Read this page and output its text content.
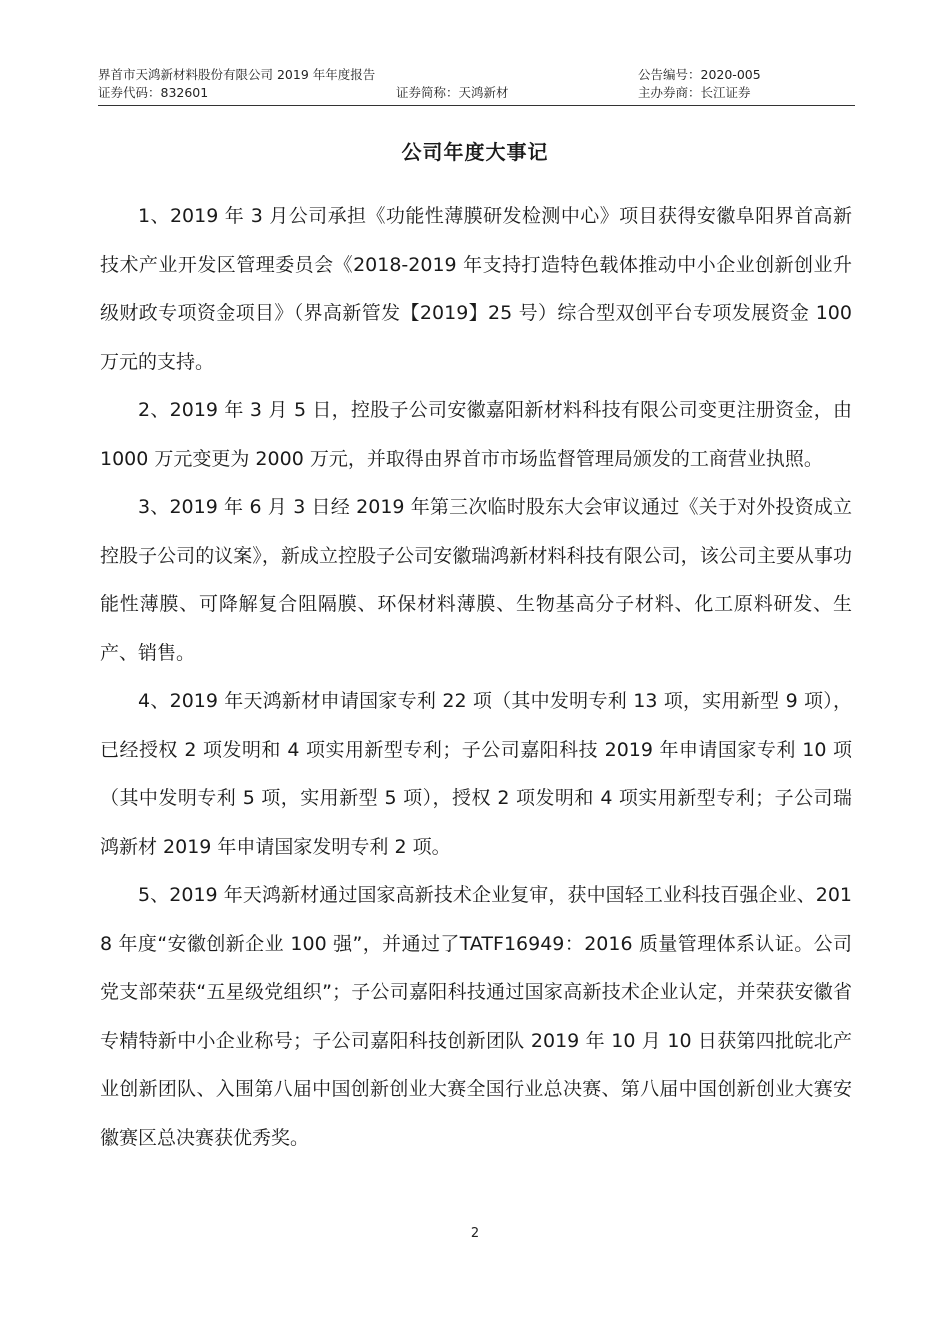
界首市天鸿新材料股份有限公司 2019 年年度报告	公告编号：2020-005
证券代码：832601	证券简称：天鸿新材	主办券商：长江证券
公司年度大事记

1、2019 年 3 月公司承担《功能性薄膜研发检测中心》项目获得安徽阜阳界首高新技术产业开发区管理委员会《2018-2019 年支持打造特色载体推动中小企业创新创业升级财政专项资金项目》（界高新管发【2019】25 号）综合型双创平台专项发展资金 100 万元的支持。

2、2019 年 3 月 5 日，控股子公司安徽嘉阳新材料科技有限公司变更注册资金，由 1000 万元变更为 2000 万元，并取得由界首市市场监督管理局颁发的工商营业执照。

3、2019 年 6 月 3 日经 2019 年第三次临时股东大会审议通过《关于对外投资成立控股子公司的议案》，新成立控股子公司安徽瑞鸿新材料科技有限公司，该公司主要从事功能性薄膜、可降解复合阻隔膜、环保材料薄膜、生物基高分子材料、化工原料研发、生产、销售。

4、2019 年天鸿新材申请国家专利 22 项（其中发明专利 13 项，实用新型 9 项），已经授权 2 项发明和 4 项实用新型专利；子公司嘉阳科技 2019 年申请国家专利 10 项（其中发明专利 5 项，实用新型 5 项），授权 2 项发明和 4 项实用新型专利；子公司瑞鸿新材 2019 年申请国家发明专利 2 项。

5、2019 年天鸿新材通过国家高新技术企业复审，获中国轻工业科技百强企业、2018 年度“安徽创新企业 100 强”，并通过了TATF16949：2016 质量管理体系认证。公司党支部荣获“五星级党组织”；子公司嘉阳科技通过国家高新技术企业认定，并荣获安徽省专精特新中小企业称号；子公司嘉阳科技创新团队 2019 年 10 月 10 日获第四批皖北产业创新团队、入围第八届中国创新创业大赛全国行业总决赛、第八届中国创新创业大赛安徽赛区总决赛获优秀奖。

2
